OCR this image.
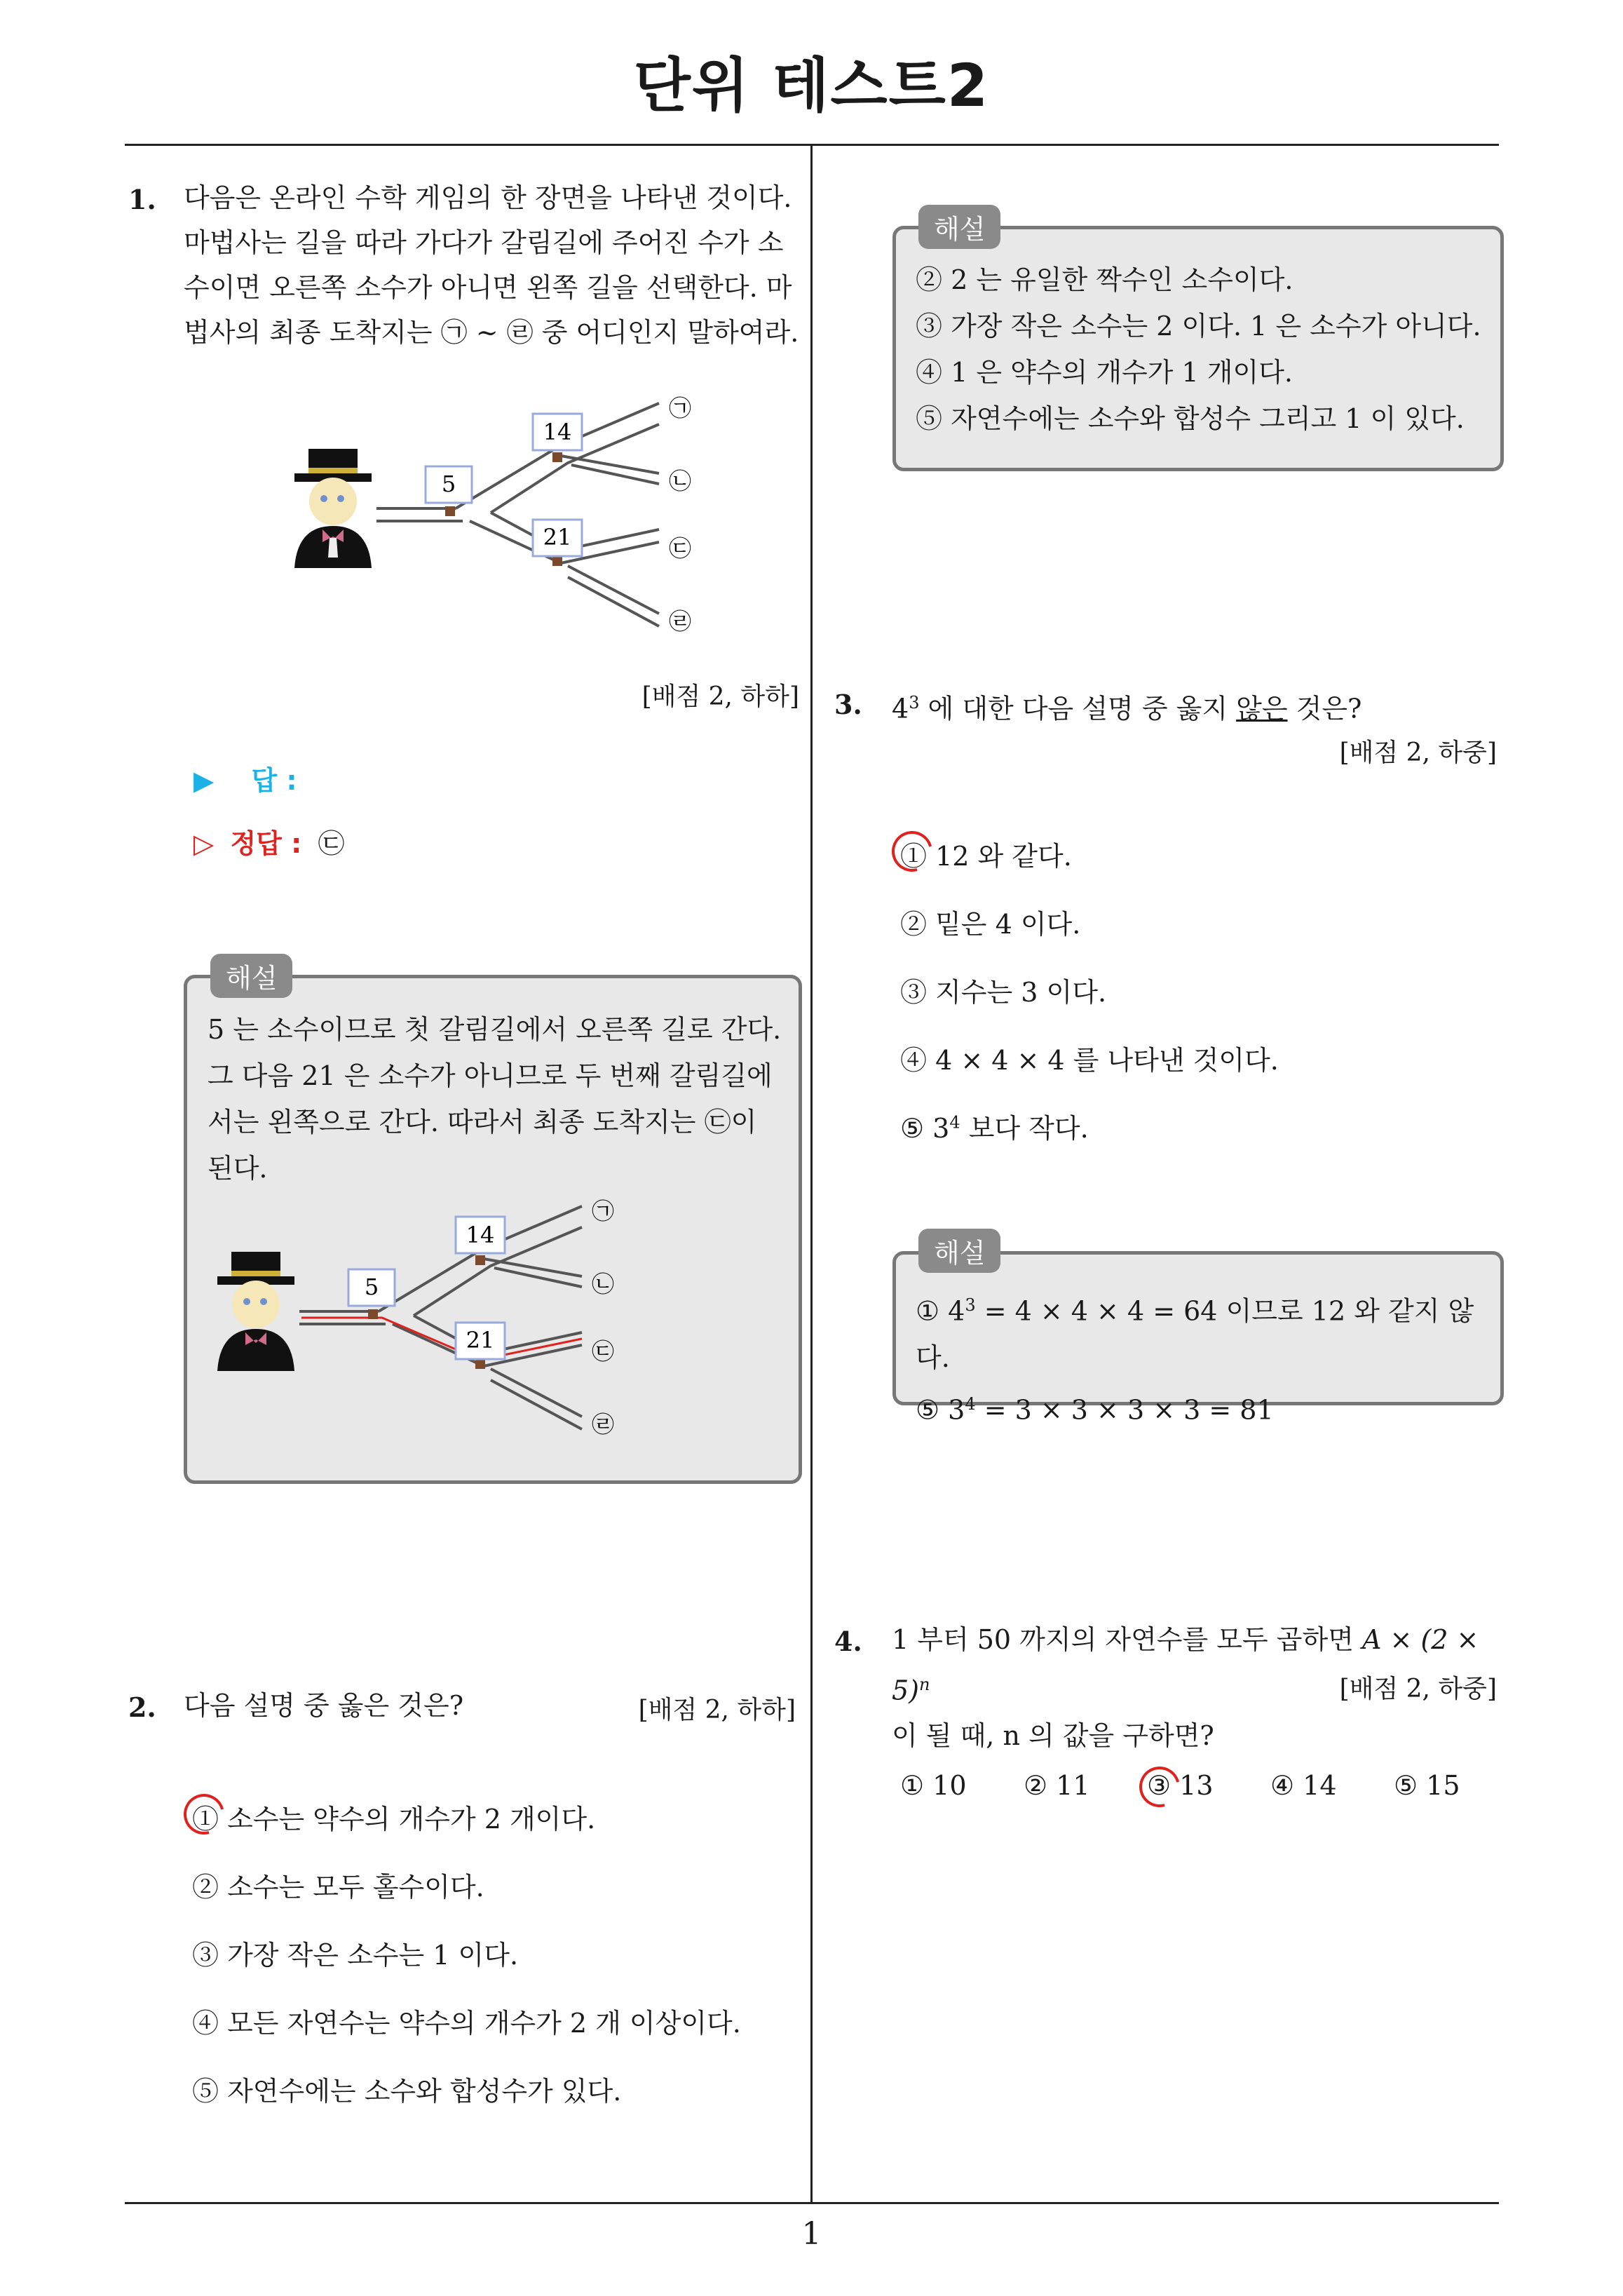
단위 테스트2
1
1. 다음은 온라인 수학 게임의 한 장면을 나타낸 것이다.
마법사는 길을 따라 가다가 갈림길에 주어진 수가 소
수이면 오른쪽 소수가 아니면 왼쪽 길을 선택한다. 마
법사의 최종 도착지는 ㉠ ~ ㉣ 중 어디인지 말하여라.
5
14
21
㉠
㉡
㉢
㉣
[배점 2, 하하]
▶ 답 :
▷ 정답 : ㉢
해설
5 는 소수이므로 첫 갈림길에서 오른쪽 길로 간다.
그 다음 21 은 소수가 아니므로 두 번째 갈림길에
서는 왼쪽으로 간다. 따라서 최종 도착지는 ㉢이
된다.
5
14
21
㉠
㉡
㉢
㉣
2. 다음 설명 중 옳은 것은?	[배점 2, 하하]
① 소수는 약수의 개수가 2 개이다.
② 소수는 모두 홀수이다.
③ 가장 작은 소수는 1 이다.
④ 모든 자연수는 약수의 개수가 2 개 이상이다.
⑤ 자연수에는 소수와 합성수가 있다.
해설
② 2 는 유일한 짝수인 소수이다.
③ 가장 작은 소수는 2 이다. 1 은 소수가 아니다.
④ 1 은 약수의 개수가 1 개이다.
⑤ 자연수에는 소수와 합성수 그리고 1 이 있다.
3. $4^3$ 에 대한 다음 설명 중 옳지 않은 것은?
[배점 2, 하중]
① 12 와 같다.
② 밑은 4 이다.
③ 지수는 3 이다.
④ 4 × 4 × 4 를 나타낸 것이다.
⑤ $3^4$ 보다 작다.
해설
① $4^3 = 4 \times 4 \times 4 = 64$ 이므로 12 와 같지 않다.
⑤ $3^4 = 3 \times 3 \times 3 \times 3 = 81$
4. 1 부터 50 까지의 자연수를 모두 곱하면 $A \times (2 \times 5)^n$
이 될 때, n 의 값을 구하면?
[배점 2, 하중]
① 10 ② 11 ③ 13 ④ 14 ⑤ 15
